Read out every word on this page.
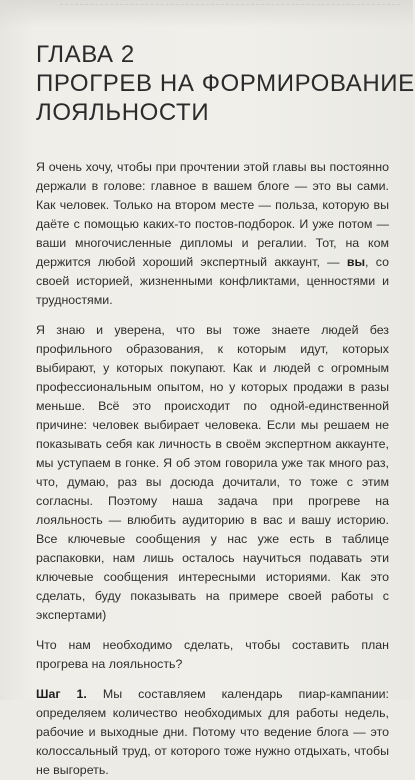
ГЛАВА 2
ПРОГРЕВ НА ФОРМИРОВАНИЕ
ЛОЯЛЬНОСТИ

Я очень хочу, чтобы при прочтении этой главы вы постоянно держали в голове: главное в вашем блоге — это вы сами. Как человек. Только на втором месте — польза, которую вы даёте с помощью каких-то постов-подборок. И уже потом — ваши многочисленные дипломы и регалии. Тот, на ком держится любой хороший экспертный аккаунт, — вы, со своей историей, жизненными конфликтами, ценностями и трудностями.

Я знаю и уверена, что вы тоже знаете людей без профильного образования, к которым идут, которых выбирают, у которых покупают. Как и людей с огромным профессиональным опытом, но у которых продажи в разы меньше. Всё это происходит по одной-единственной причине: человек выбирает человека. Если мы решаем не показывать себя как личность в своём экспертном аккаунте, мы уступаем в гонке. Я об этом говорила уже так много раз, что, думаю, раз вы досюда дочитали, то тоже с этим согласны. Поэтому наша задача при прогреве на лояльность — влюбить аудиторию в вас и вашу историю. Все ключевые сообщения у нас уже есть в таблице распаковки, нам лишь осталось научиться подавать эти ключевые сообщения интересными историями. Как это сделать, буду показывать на примере своей работы с экспертами)

Что нам необходимо сделать, чтобы составить план прогрева на лояльность?

Шаг 1. Мы составляем календарь пиар-кампании: определяем количество необходимых для работы недель, рабочие и выходные дни. Потому что ведение блога — это колоссальный труд, от которого тоже нужно отдыхать, чтобы не выгореть.
